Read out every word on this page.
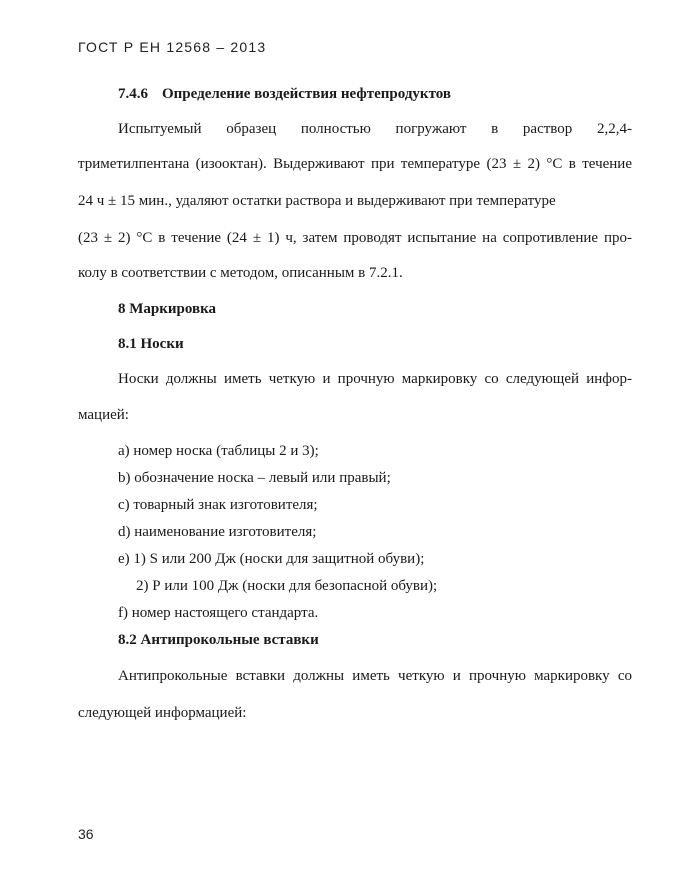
ГОСТ Р ЕН 12568 – 2013
7.4.6 Определение воздействия нефтепродуктов
Испытуемый образец полностью погружают в раствор 2,2,4-
триметилпентана (изооктан). Выдерживают при температуре (23 ± 2) °С в течение
24 ч ± 15 мин., удаляют остатки раствора и выдерживают при температуре
(23 ± 2) °С в течение (24 ± 1) ч, затем проводят испытание на сопротивление про-
колу в соответствии с методом, описанным в 7.2.1.
8 Маркировка
8.1 Носки
Носки должны иметь четкую и прочную маркировку со следующей инфор-
мацией:
а) номер носка (таблицы 2 и 3);
b) обозначение носка – левый или правый;
с) товарный знак изготовителя;
d) наименование изготовителя;
е) 1) S или 200 Дж (носки для защитной обуви);
2) Р или 100 Дж (носки для безопасной обуви);
f) номер настоящего стандарта.
8.2 Антипрокольные вставки
Антипрокольные вставки должны иметь четкую и прочную маркировку со
следующей информацией:
36
